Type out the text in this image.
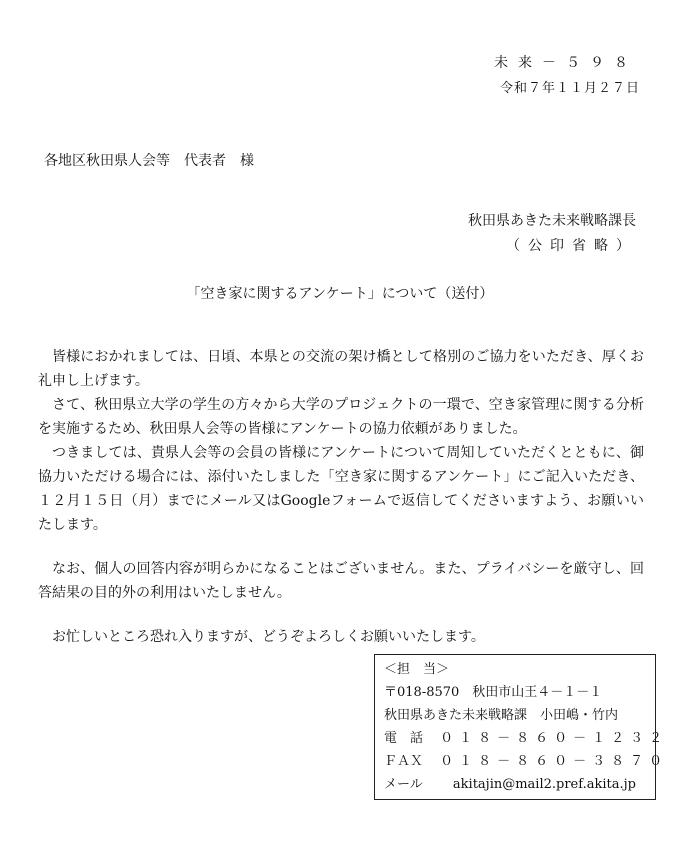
未来－５９８
令和７年１１月２７日
各地区秋田県人会等　代表者　様
秋田県あきた未来戦略課長
（公印省略）
「空き家に関するアンケート」について（送付）

皆様におかれましては、日頃、本県との交流の架け橋として格別のご協力をいただき、厚くお礼申し上げます。

さて、秋田県立大学の学生の方々から大学のプロジェクトの一環で、空き家管理に関する分析を実施するため、秋田県人会等の皆様にアンケートの協力依頼がありました。

つきましては、貴県人会等の会員の皆様にアンケートについて周知していただくとともに、御協力いただける場合には、添付いたしました「空き家に関するアンケート」にご記入いただき、１２月１５日（月）までにメール又はGoogleフォームで返信してくださいますよう、お願いいたします。

なお、個人の回答内容が明らかになることはございません。また、プライバシーを厳守し、回答結果の目的外の利用はいたしません。

お忙しいところ恐れ入りますが、どうぞよろしくお願いいたします。

＜担　当＞
〒018-8570　秋田市山王４－１－１
秋田県あきた未来戦略課　小田嶋・竹内
電　話　 ０１８－８６０－１２３２
ＦＡＸ　 ０１８－８６０－３８７０
メール　　 akitajin@mail2.pref.akita.jp
